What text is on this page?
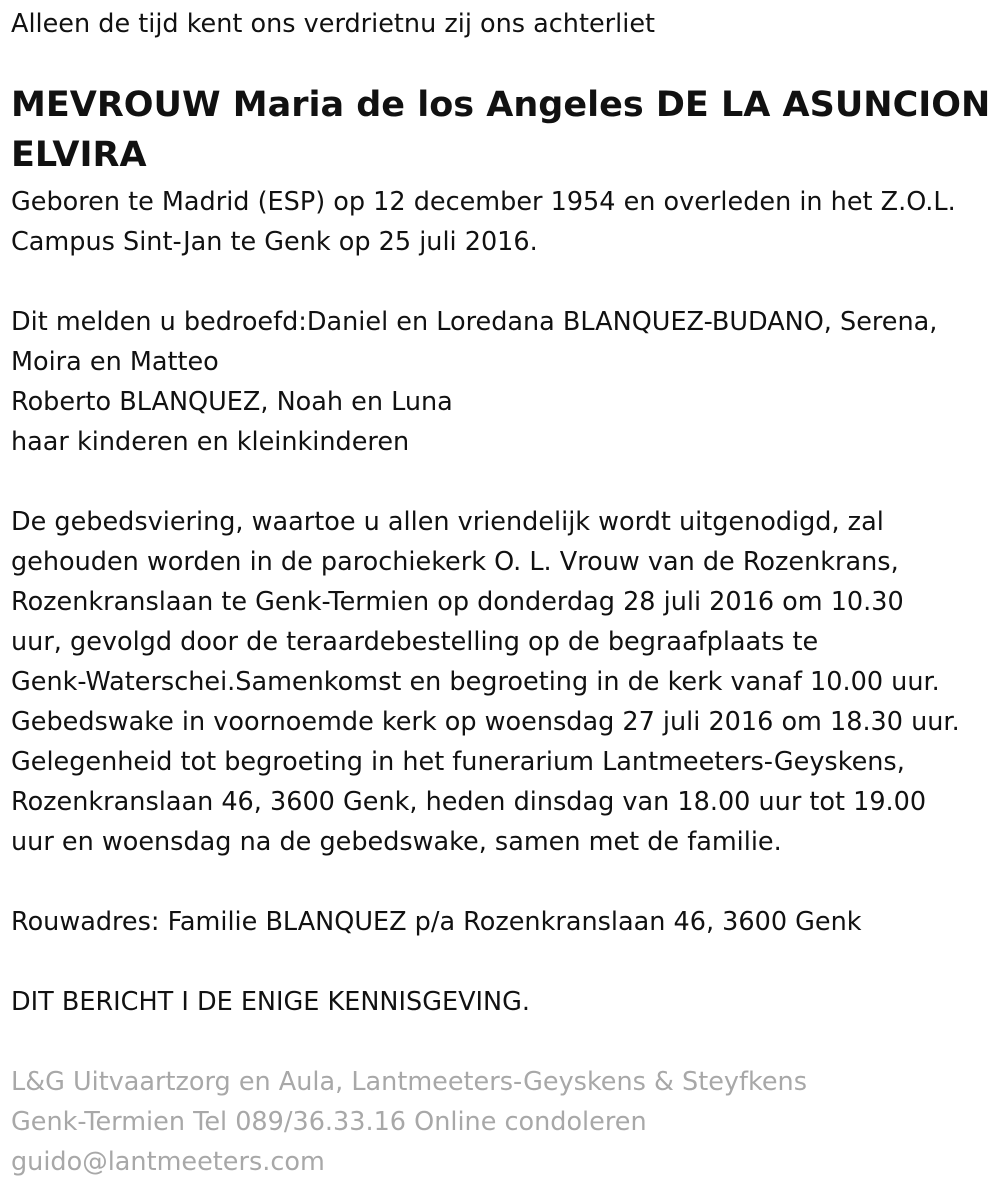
Alleen de tijd kent ons verdrietnu zij ons achterliet
MEVROUW Maria de los Angeles DE LA ASUNCION
ELVIRA
Geboren te Madrid (ESP) op 12 december 1954 en overleden in het Z.O.L.
Campus Sint-Jan te Genk op 25 juli 2016.
Dit melden u bedroefd:Daniel en Loredana BLANQUEZ-BUDANO, Serena,
Moira en Matteo
Roberto BLANQUEZ, Noah en Luna
haar kinderen en kleinkinderen
De gebedsviering, waartoe u allen vriendelijk wordt uitgenodigd, zal
gehouden worden in de parochiekerk O. L. Vrouw van de Rozenkrans,
Rozenkranslaan te Genk-Termien op donderdag 28 juli 2016 om 10.30
uur, gevolgd door de teraardebestelling op de begraafplaats te
Genk-Waterschei.Samenkomst en begroeting in de kerk vanaf 10.00 uur.
Gebedswake in voornoemde kerk op woensdag 27 juli 2016 om 18.30 uur.
Gelegenheid tot begroeting in het funerarium Lantmeeters-Geyskens,
Rozenkranslaan 46, 3600 Genk, heden dinsdag van 18.00 uur tot 19.00
uur en woensdag na de gebedswake, samen met de familie.
Rouwadres: Familie BLANQUEZ p/a Rozenkranslaan 46, 3600 Genk
DIT BERICHT I DE ENIGE KENNISGEVING.
L&G Uitvaartzorg en Aula, Lantmeeters-Geyskens & Steyfkens
Genk-Termien Tel 089/36.33.16 Online condoleren
guido@lantmeeters.com
